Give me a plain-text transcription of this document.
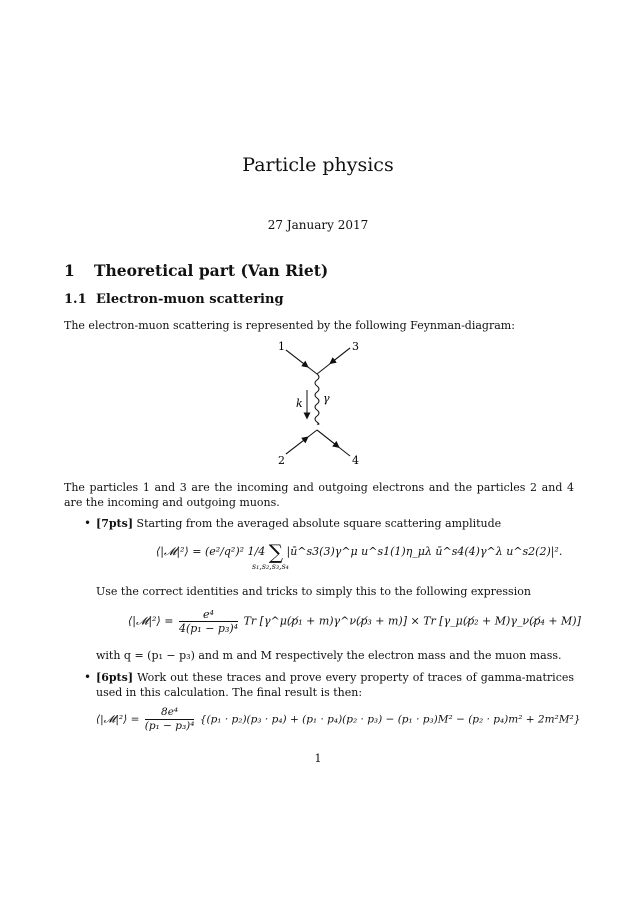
Particle physics
27 January 2017
1 Theoretical part (Van Riet)
1.1 Electron-muon scattering
The electron-muon scattering is represented by the following Feynman-diagram:
1	3
2	4
k γ
The particles 1 and 3 are the incoming and outgoing electrons and the particles 2 and 4 are the incoming and outgoing muons.
• [7pts] Starting from the averaged absolute square scattering amplitude
⟨|𝓜|²⟩ = (e²/q²)² 1/4 ∑ |ū^s3(3)γ^μ u^s1(1)η_μλ ū^s4(4)γ^λ u^s2(2)|².
s₁,s₂,s₃,s₄
Use the correct identities and tricks to simply this to the following expression
⟨|𝓜|²⟩ = $\frac{\text{e⁴}}{\text{4(p₁ − p₃)⁴}}$ Tr [γ^μ(p̸₁ + m)γ^ν(p̸₃ + m)] × Tr [γ_μ(p̸₂ + M)γ_ν(p̸₄ + M)]
with q = (p₁ − p₃) and m and M respectively the electron mass and the muon mass.
• [6pts] Work out these traces and prove every property of traces of gamma-matrices used in this calculation. The final result is then:
⟨|𝓜|²⟩ = $\frac{\text{8e⁴}}{\text{(p₁ − p₃)⁴}} \{(p_1 \cdot p_2)(p_3 \cdot p_4) + (p_1 \cdot p_4)(p_2 \cdot p_3) - (p_1 \cdot p_3)M^2 - (p_2 \cdot p_4)m^2 + 2m^2M^2\}$
1
